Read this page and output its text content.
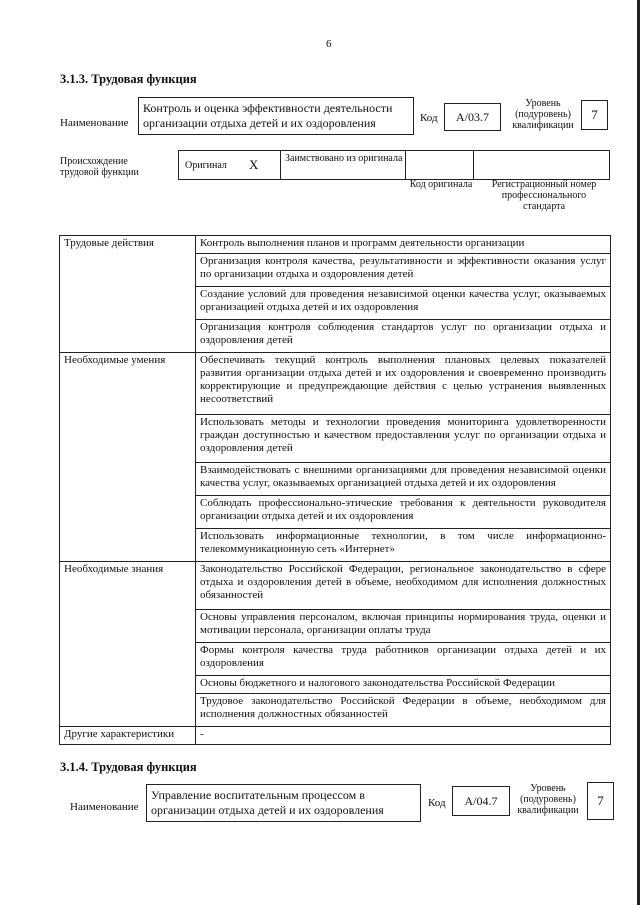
6
3.1.3. Трудовая функция
Наименование
Контроль и оценка эффективности деятельности организации отдыха детей и их оздоровления	Код	A/03.7
Уровень (подуровень) квалификации
7
Происхождение трудовой функции
Оригинал X	Заимствовано из оригинала
Код оригинала	Регистрационный номер профессионального стандарта
Трудовые действия	Контроль выполнения планов и программ деятельности организации
	Организация контроля качества, результативности и эффективности оказания услуг по организации отдыха и оздоровления детей
	Создание условий для проведения независимой оценки качества услуг, оказываемых организацией отдыха детей и их оздоровления
	Организация контроля соблюдения стандартов услуг по организации отдыха и оздоровления детей
Необходимые умения	Обеспечивать текущий контроль выполнения плановых целевых показателей развития организации отдыха детей и их оздоровления и своевременно производить корректирующие и предупреждающие действия с целью устранения выявленных несоответствий
	Использовать методы и технологии проведения мониторинга удовлетворенности граждан доступностью и качеством предоставления услуг по организации отдыха и оздоровления детей
	Взаимодействовать с внешними организациями для проведения независимой оценки качества услуг, оказываемых организацией отдыха детей и их оздоровления
	Соблюдать профессионально-этические требования к деятельности руководителя организации отдыха детей и их оздоровления
	Использовать информационные технологии, в том числе информационно-телекоммуникационную сеть «Интернет»
Необходимые знания	Законодательство Российской Федерации, региональное законодательство в сфере отдыха и оздоровления детей в объеме, необходимом для исполнения должностных обязанностей
	Основы управления персоналом, включая принципы нормирования труда, оценки и мотивации персонала, организации оплаты труда
	Формы контроля качества труда работников организации отдыха детей и их оздоровления
	Основы бюджетного и налогового законодательства Российской Федерации
	Трудовое законодательство Российской Федерации в объеме, необходимом для исполнения должностных обязанностей
Другие характеристики	-
3.1.4. Трудовая функция
Наименование
Управление воспитательным процессом в организации отдыха детей и их оздоровления	Код	A/04.7
Уровень (подуровень) квалификации
7
